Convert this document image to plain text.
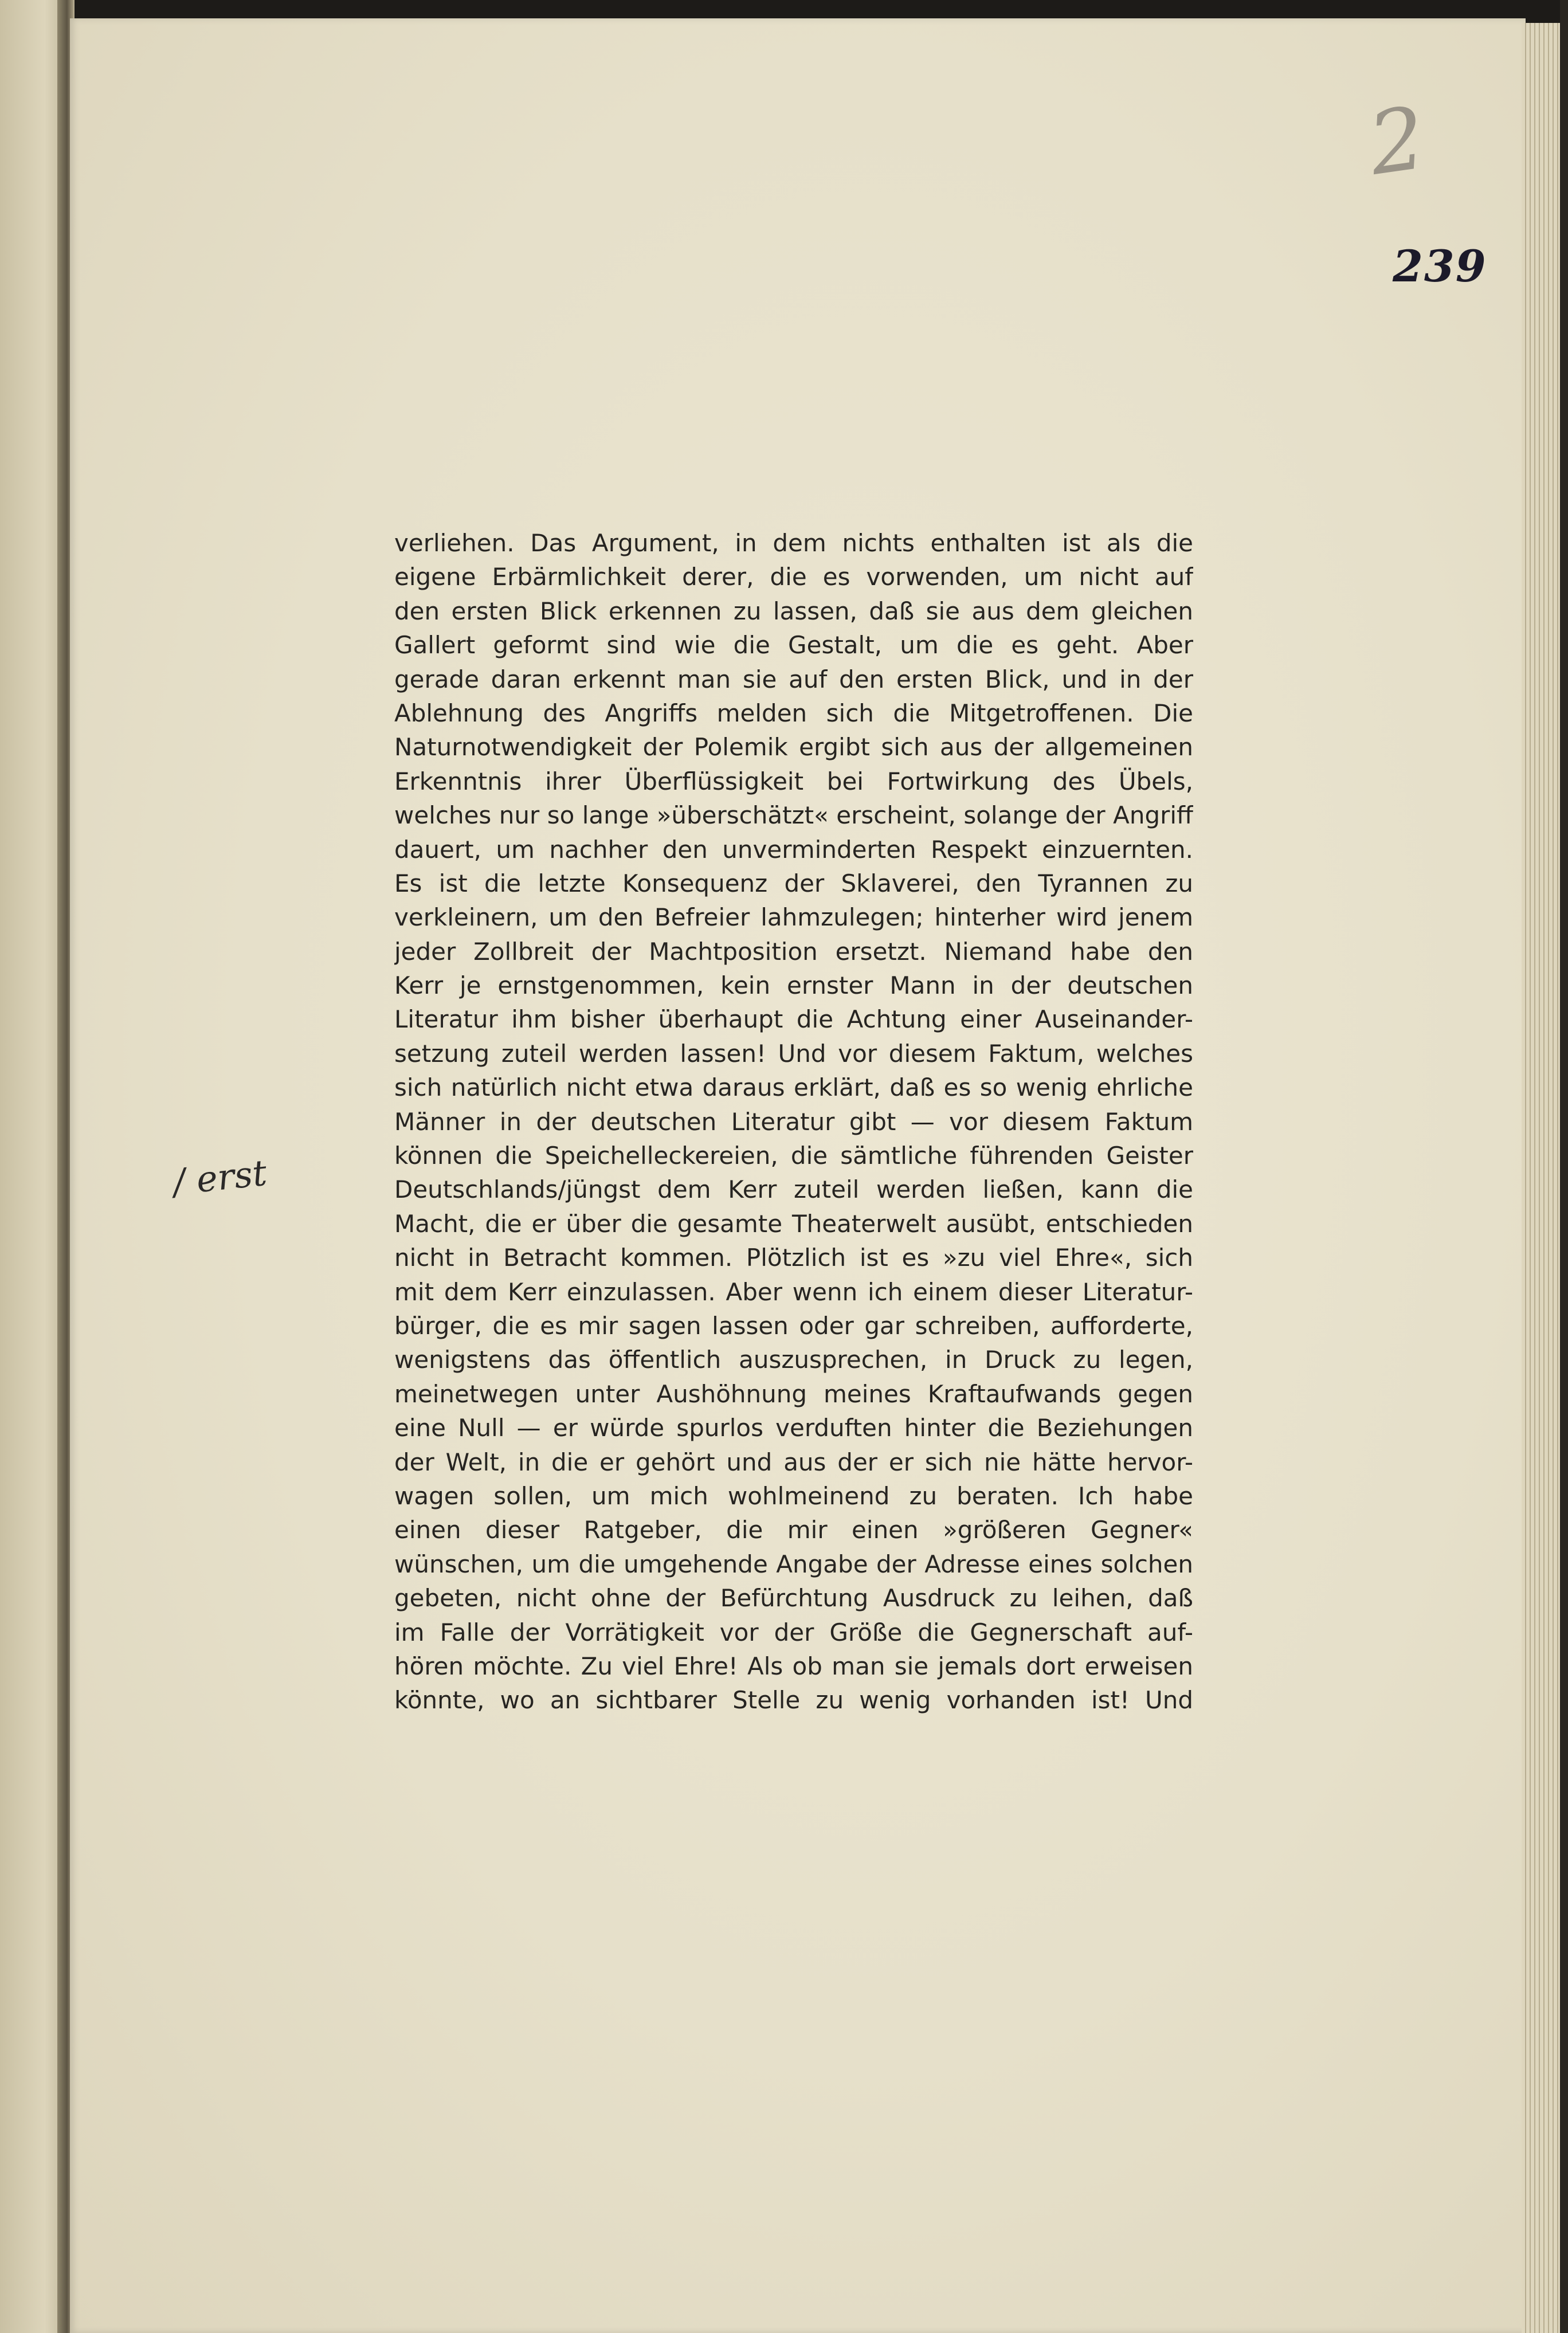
2
239
/ erst
verliehen. Das Argument, in dem nichts enthalten ist als die
eigene Erbärmlichkeit derer, die es vorwenden, um nicht auf
den ersten Blick erkennen zu lassen, daß sie aus dem gleichen
Gallert geformt sind wie die Gestalt, um die es geht. Aber
gerade daran erkennt man sie auf den ersten Blick, und in der
Ablehnung des Angriffs melden sich die Mitgetroffenen. Die
Naturnotwendigkeit der Polemik ergibt sich aus der allgemeinen
Erkenntnis ihrer Überflüssigkeit bei Fortwirkung des Übels,
welches nur so lange »überschätzt« erscheint, solange der Angriff
dauert, um nachher den unverminderten Respekt einzuernten.
Es ist die letzte Konsequenz der Sklaverei, den Tyrannen zu
verkleinern, um den Befreier lahmzulegen; hinterher wird jenem
jeder Zollbreit der Machtposition ersetzt. Niemand habe den
Kerr je ernstgenommen, kein ernster Mann in der deutschen
Literatur ihm bisher überhaupt die Achtung einer Auseinander-
setzung zuteil werden lassen! Und vor diesem Faktum, welches
sich natürlich nicht etwa daraus erklärt, daß es so wenig ehrliche
Männer in der deutschen Literatur gibt — vor diesem Faktum
können die Speichelleckereien, die sämtliche führenden Geister
Deutschlands/jüngst dem Kerr zuteil werden ließen, kann die
Macht, die er über die gesamte Theaterwelt ausübt, entschieden
nicht in Betracht kommen. Plötzlich ist es »zu viel Ehre«, sich
mit dem Kerr einzulassen. Aber wenn ich einem dieser Literatur-
bürger, die es mir sagen lassen oder gar schreiben, aufforderte,
wenigstens das öffentlich auszusprechen, in Druck zu legen,
meinetwegen unter Aushöhnung meines Kraftaufwands gegen
eine Null — er würde spurlos verduften hinter die Beziehungen
der Welt, in die er gehört und aus der er sich nie hätte hervor-
wagen sollen, um mich wohlmeinend zu beraten. Ich habe
einen dieser Ratgeber, die mir einen »größeren Gegner«
wünschen, um die umgehende Angabe der Adresse eines solchen
gebeten, nicht ohne der Befürchtung Ausdruck zu leihen, daß
im Falle der Vorrätigkeit vor der Größe die Gegnerschaft auf-
hören möchte. Zu viel Ehre! Als ob man sie jemals dort erweisen
könnte, wo an sichtbarer Stelle zu wenig vorhanden ist! Und
